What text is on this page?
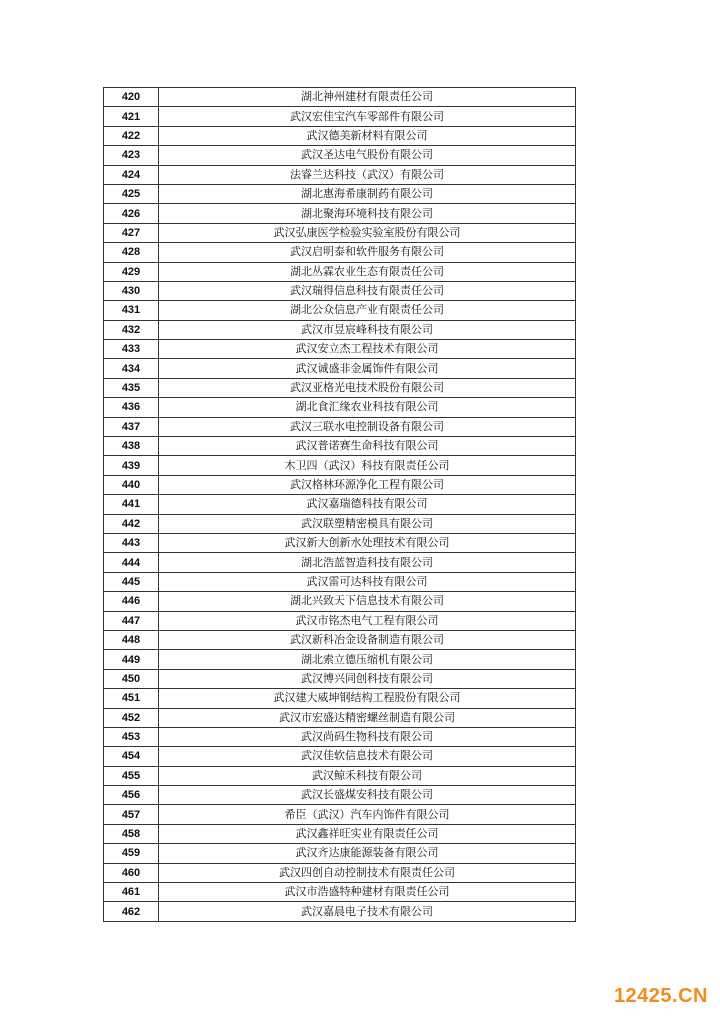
420	湖北神州建材有限责任公司
421	武汉宏佳宝汽车零部件有限公司
422	武汉德美新材料有限公司
423	武汉圣达电气股份有限公司
424	法睿兰达科技（武汉）有限公司
425	湖北惠海希康制药有限公司
426	湖北聚海环境科技有限公司
427	武汉弘康医学检验实验室股份有限公司
428	武汉启明泰和软件服务有限公司
429	湖北丛霖农业生态有限责任公司
430	武汉瑞得信息科技有限责任公司
431	湖北公众信息产业有限责任公司
432	武汉市昱宸峰科技有限公司
433	武汉安立杰工程技术有限公司
434	武汉诚盛非金属饰件有限公司
435	武汉亚格光电技术股份有限公司
436	湖北食汇缘农业科技有限公司
437	武汉三联水电控制设备有限公司
438	武汉普诺赛生命科技有限公司
439	木卫四（武汉）科技有限责任公司
440	武汉格林环源净化工程有限公司
441	武汉嘉瑞德科技有限公司
442	武汉联塑精密模具有限公司
443	武汉新大创新水处理技术有限公司
444	湖北浩蓝智造科技有限公司
445	武汉雷可达科技有限公司
446	湖北兴致天下信息技术有限公司
447	武汉市铭杰电气工程有限公司
448	武汉新科冶金设备制造有限公司
449	湖北索立德压缩机有限公司
450	武汉博兴同创科技有限公司
451	武汉建大威坤钢结构工程股份有限公司
452	武汉市宏盛达精密螺丝制造有限公司
453	武汉尚码生物科技有限公司
454	武汉佳软信息技术有限公司
455	武汉鲸禾科技有限公司
456	武汉长盛煤安科技有限公司
457	希臣（武汉）汽车内饰件有限公司
458	武汉鑫祥旺实业有限责任公司
459	武汉齐达康能源装备有限公司
460	武汉四创自动控制技术有限责任公司
461	武汉市浩盛特种建材有限责任公司
462	武汉嘉晨电子技术有限公司
12425.CN
